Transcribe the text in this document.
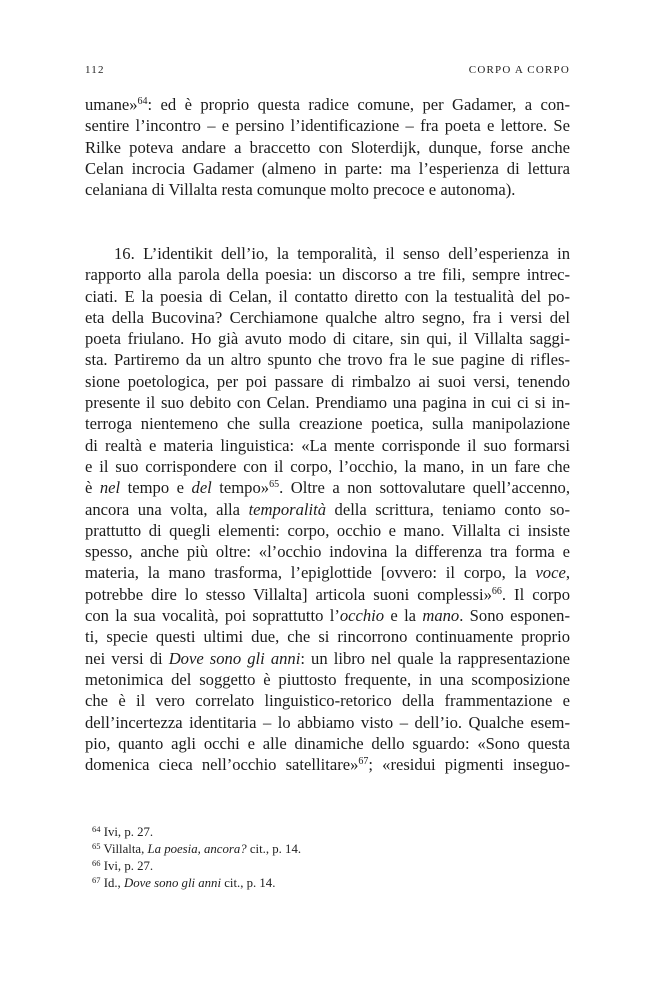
112	CORPO A CORPO
umane»$^{64}$: ed è proprio questa radice comune, per Gadamer, a con-
sentire l’incontro – e persino l’identificazione – fra poeta e lettore. Se
Rilke poteva andare a braccetto con Sloterdijk, dunque, forse anche
Celan incrocia Gadamer (almeno in parte: ma l’esperienza di lettura
celaniana di Villalta resta comunque molto precoce e autonoma).
16. L’identikit dell’io, la temporalità, il senso dell’esperienza in
rapporto alla parola della poesia: un discorso a tre fili, sempre intrec-
ciati. E la poesia di Celan, il contatto diretto con la testualità del po-
eta della Bucovina? Cerchiamone qualche altro segno, fra i versi del
poeta friulano. Ho già avuto modo di citare, sin qui, il Villalta saggi-
sta. Partiremo da un altro spunto che trovo fra le sue pagine di rifles-
sione poetologica, per poi passare di rimbalzo ai suoi versi, tenendo
presente il suo debito con Celan. Prendiamo una pagina in cui ci si in-
terroga nientemeno che sulla creazione poetica, sulla manipolazione
di realtà e materia linguistica: «La mente corrisponde il suo formarsi
e il suo corrispondere con il corpo, l’occhio, la mano, in un fare che
è nel tempo e del tempo»$^{65}$. Oltre a non sottovalutare quell’accenno,
ancora una volta, alla temporalità della scrittura, teniamo conto so-
prattutto di quegli elementi: corpo, occhio e mano. Villalta ci insiste
spesso, anche più oltre: «l’occhio indovina la differenza tra forma e
materia, la mano trasforma, l’epiglottide [ovvero: il corpo, la voce,
potrebbe dire lo stesso Villalta] articola suoni complessi»$^{66}$. Il corpo
con la sua vocalità, poi soprattutto l’occhio e la mano. Sono esponen-
ti, specie questi ultimi due, che si rincorrono continuamente proprio
nei versi di Dove sono gli anni: un libro nel quale la rappresentazione
metonimica del soggetto è piuttosto frequente, in una scomposizione
che è il vero correlato linguistico-retorico della frammentazione e
dell’incertezza identitaria – lo abbiamo visto – dell’io. Qualche esem-
pio, quanto agli occhi e alle dinamiche dello sguardo: «Sono questa
domenica cieca nell’occhio satellitare»$^{67}$; «residui pigmenti inseguo-
$^{64}$ Ivi, p. 27.
$^{65}$ Villalta, La poesia, ancora? cit., p. 14.
$^{66}$ Ivi, p. 27.
$^{67}$ Id., Dove sono gli anni cit., p. 14.
